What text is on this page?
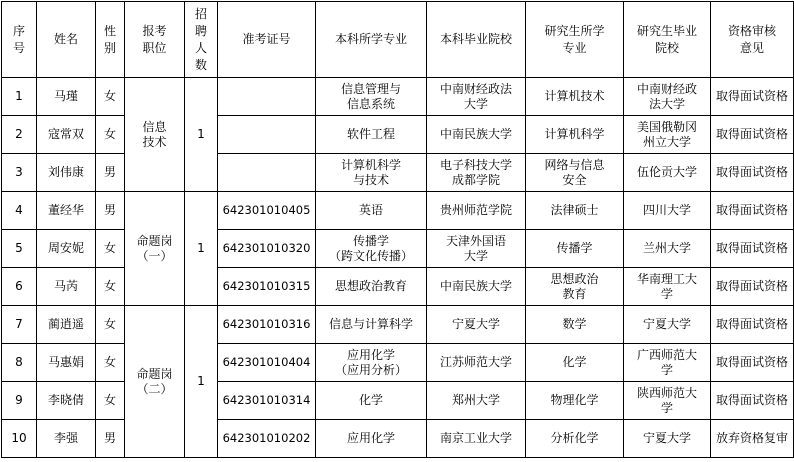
序
号	姓名	性
别	报考
职位	招
聘
人
数	准考证号	本科所学专业	本科毕业院校	研究生所学
专业	研究生毕业
院校	资格审核
意见
1	马瑾	女	信息
技术	1		信息管理与
信息系统	中南财经政法
大学	计算机技术	中南财经政
法大学	取得面试资格
2	寇常双	女				软件工程	中南民族大学	计算机科学	美国俄勒冈
州立大学	取得面试资格
3	刘伟康	男				计算机科学
与技术	电子科技大学
成都学院	网络与信息
安全	伍伦贡大学	取得面试资格
4	董经华	男	命题岗
（一）	1	642301010405	英语	贵州师范学院	法律硕士	四川大学	取得面试资格
5	周安妮	女			642301010320	传播学
（跨文化传播）	天津外国语
大学	传播学	兰州大学	取得面试资格
6	马芮	女			642301010315	思想政治教育	中南民族大学	思想政治
教育	华南理工大
学	取得面试资格
7	蔺逍遥	女	命题岗
（二）	1	642301010316	信息与计算科学	宁夏大学	数学	宁夏大学	取得面试资格
8	马惠娟	女			642301010404	应用化学
（应用分析）	江苏师范大学	化学	广西师范大
学	取得面试资格
9	李晓倩	女			642301010314	化学	郑州大学	物理化学	陕西师范大
学	取得面试资格
10	李强	男			642301010202	应用化学	南京工业大学	分析化学	宁夏大学	放弃资格复审
